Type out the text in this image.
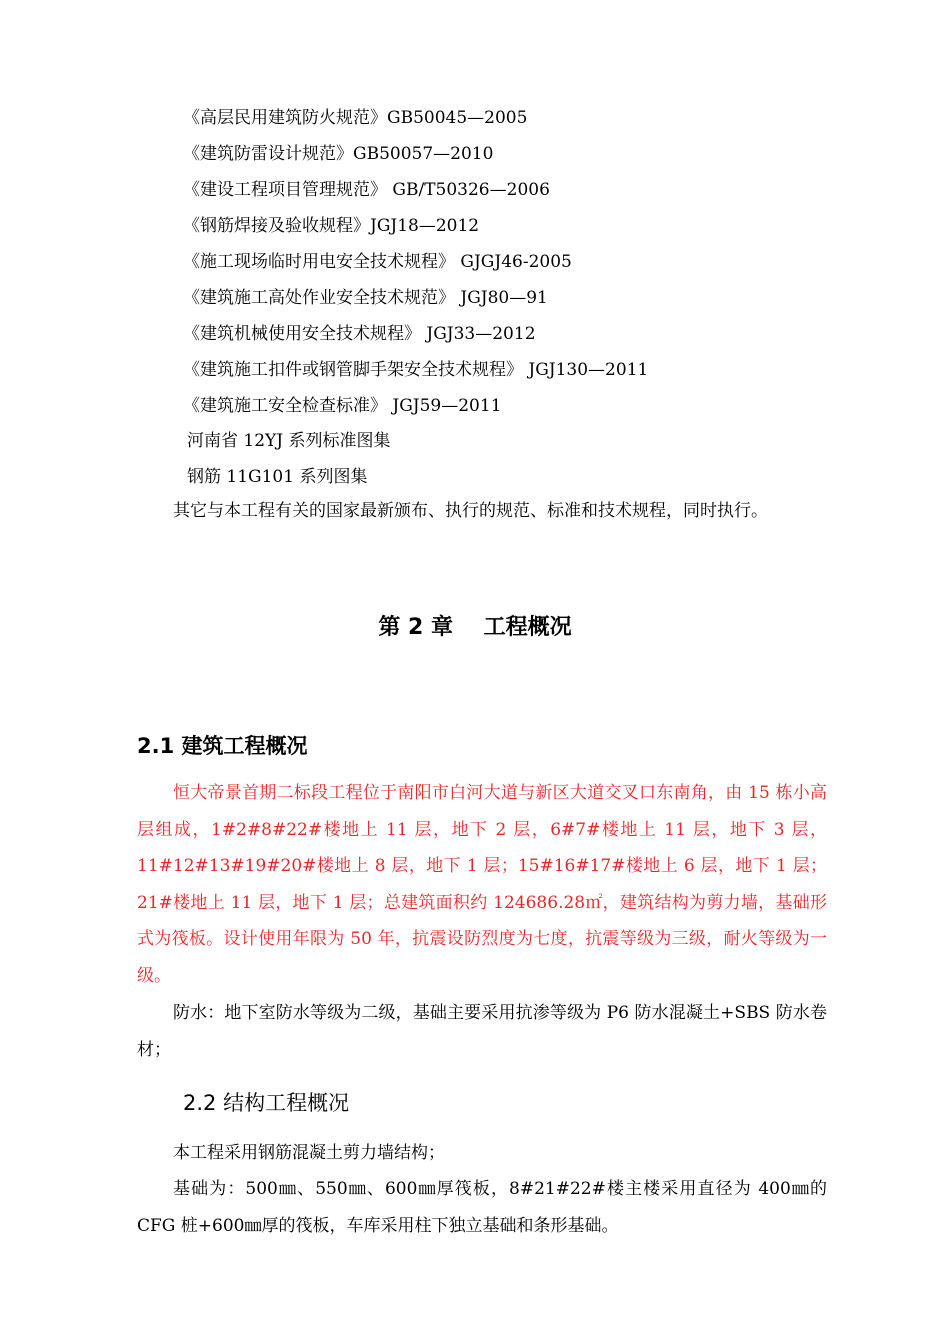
《高层民用建筑防火规范》GB50045—2005
《建筑防雷设计规范》GB50057—2010
《建设工程项目管理规范》 GB/T50326—2006
《钢筋焊接及验收规程》JGJ18—2012
《施工现场临时用电安全技术规程》 GJGJ46-2005
《建筑施工高处作业安全技术规范》 JGJ80—91
《建筑机械使用安全技术规程》 JGJ33—2012
《建筑施工扣件或钢管脚手架安全技术规程》 JGJ130—2011
《建筑施工安全检查标准》 JGJ59—2011
河南省 12YJ 系列标准图集
钢筋 11G101 系列图集

其它与本工程有关的国家最新颁布、执行的规范、标准和技术规程，同时执行。

第 2 章    工程概况
2.1 建筑工程概况

恒大帝景首期二标段工程位于南阳市白河大道与新区大道交叉口东南角，由 15 栋小高层组成，1#2#8#22#楼地上 11 层，地下 2 层，6#7#楼地上 11 层，地下 3 层，11#12#13#19#20#楼地上 8 层，地下 1 层；15#16#17#楼地上 6 层，地下 1 层；21#楼地上 11 层，地下 1 层；总建筑面积约 124686.28㎡，建筑结构为剪力墙，基础形式为筏板。设计使用年限为 50 年，抗震设防烈度为七度，抗震等级为三级，耐火等级为一级。

防水：地下室防水等级为二级，基础主要采用抗渗等级为 P6 防水混凝土+SBS 防水卷材；

2.2 结构工程概况

本工程采用钢筋混凝土剪力墙结构；

基础为：500㎜、550㎜、600㎜厚筏板，8#21#22#楼主楼采用直径为 400㎜的 CFG 桩+600㎜厚的筏板，车库采用柱下独立基础和条形基础。
